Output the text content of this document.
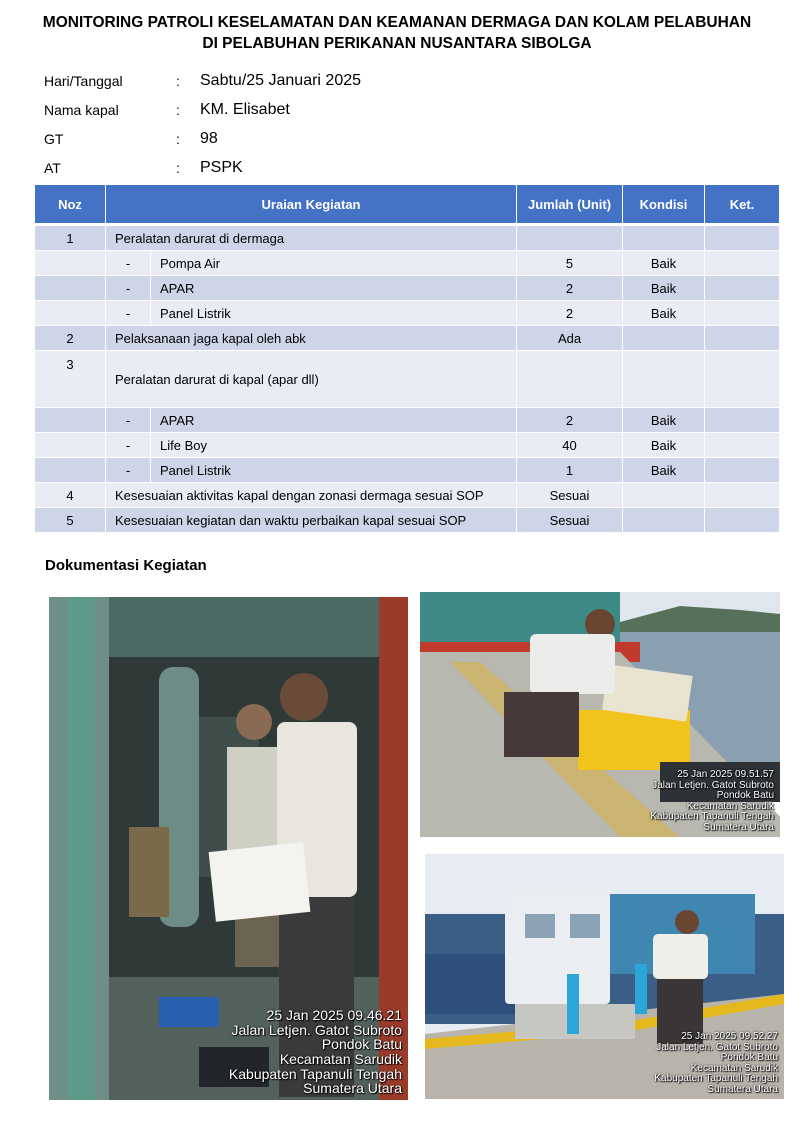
MONITORING PATROLI KESELAMATAN DAN KEAMANAN DERMAGA DAN KOLAM PELABUHAN
DI PELABUHAN PERIKANAN NUSANTARA SIBOLGA
Hari/Tanggal	:	Sabtu/25 Januari 2025
Nama kapal	:	KM. Elisabet
GT	:	98
AT	:	PSPK
Noz	Uraian Kegiatan		Jumlah (Unit)	Kondisi	Ket.
1	Peralatan darurat di dermaga				
	-	Pompa Air	5	Baik	
	-	APAR	2	Baik	
	-	Panel Listrik	2	Baik	
2	Pelaksanaan jaga kapal oleh abk		Ada		
3	Peralatan darurat di kapal (apar dll)				
	-	APAR	2	Baik	
	-	Life Boy	40	Baik	
	-	Panel Listrik	1	Baik	
4	Kesesuaian aktivitas kapal dengan zonasi dermaga sesuai SOP		Sesuai		
5	Kesesuaian kegiatan dan waktu perbaikan kapal sesuai SOP		Sesuai		
Dokumentasi Kegiatan
25 Jan 2025 09.46.21
Jalan Letjen. Gatot Subroto
Pondok Batu
Kecamatan Sarudik
Kabupaten Tapanuli Tengah
Sumatera Utara
25 Jan 2025 09.51.57
Jalan Letjen. Gatot Subroto
Pondok Batu
Kecamatan Sarudik
Kabupaten Tapanuli Tengah
Sumatera Utara
25 Jan 2025 09.52.27
Jalan Letjen. Gatot Subroto
Pondok Batu
Kecamatan Sarudik
Kabupaten Tapanuli Tengah
Sumatera Utara
